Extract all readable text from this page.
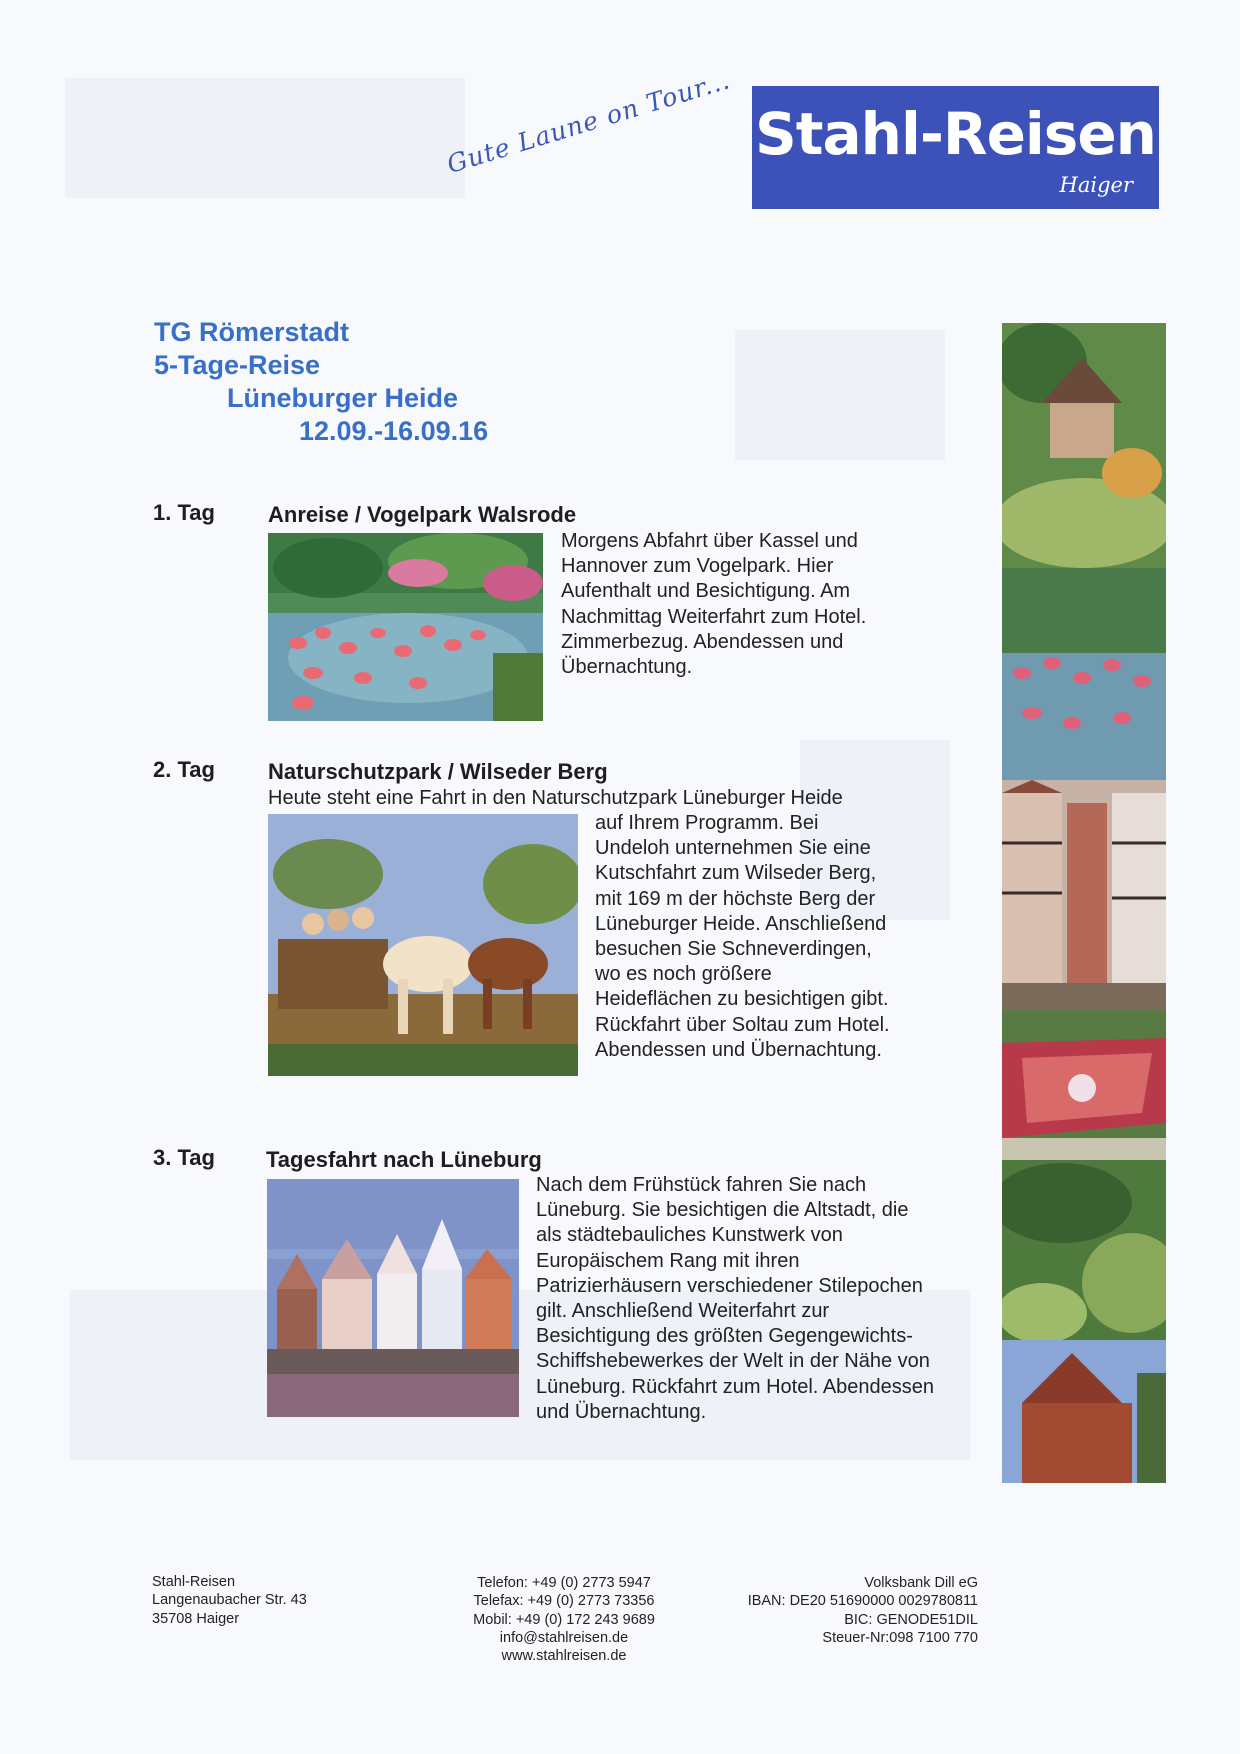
Gute Laune on Tour... Stahl-Reisen
Haiger
TG Römerstadt
5-Tage-Reise
Lüneburger Heide
12.09.-16.09.16
1. Tag Anreise / Vogelpark Walsrode
Morgens Abfahrt über Kassel und
Hannover zum Vogelpark. Hier
Aufenthalt und Besichtigung. Am
Nachmittag Weiterfahrt zum Hotel.
Zimmerbezug. Abendessen und
Übernachtung.
2. Tag Naturschutzpark / Wilseder Berg
Heute steht eine Fahrt in den Naturschutzpark Lüneburger Heide
auf Ihrem Programm. Bei
Undeloh unternehmen Sie eine
Kutschfahrt zum Wilseder Berg,
mit 169 m der höchste Berg der
Lüneburger Heide. Anschließend
besuchen Sie Schneverdingen,
wo es noch größere
Heideflächen zu besichtigen gibt.
Rückfahrt über Soltau zum Hotel.
Abendessen und Übernachtung.
3. Tag Tagesfahrt nach Lüneburg
Nach dem Frühstück fahren Sie nach
Lüneburg. Sie besichtigen die Altstadt, die
als städtebauliches Kunstwerk von
Europäischem Rang mit ihren
Patrizierhäusern verschiedener Stilepochen
gilt. Anschließend Weiterfahrt zur
Besichtigung des größten Gegengewichts-
Schiffshebewerkes der Welt in der Nähe von
Lüneburg. Rückfahrt zum Hotel. Abendessen
und Übernachtung.
Stahl-Reisen
Langenaubacher Str. 43
35708 Haiger
Telefon: +49 (0) 2773 5947
Telefax: +49 (0) 2773 73356
Mobil: +49 (0) 172 243 9689
info@stahlreisen.de
www.stahlreisen.de
Volksbank Dill eG
IBAN: DE20 51690000 0029780811
BIC: GENODE51DIL
Steuer-Nr:098 7100 770
